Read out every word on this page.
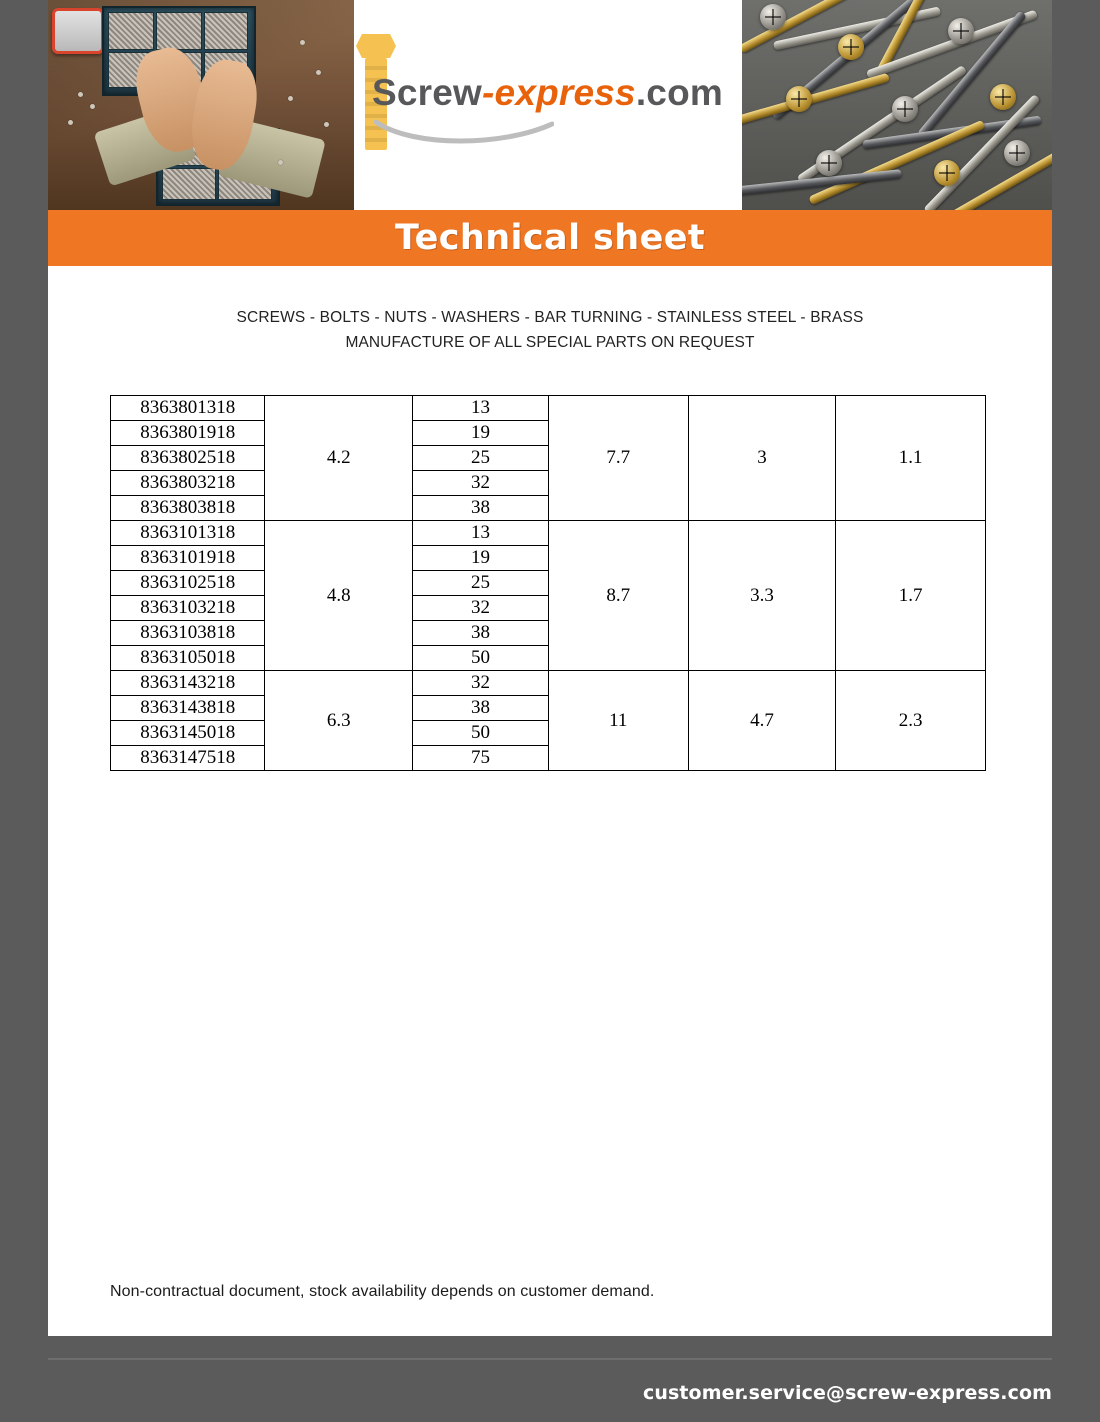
Screw-express.com
Technical sheet
SCREWS - BOLTS - NUTS - WASHERS - BAR TURNING - STAINLESS STEEL - BRASS
MANUFACTURE OF ALL SPECIAL PARTS ON REQUEST
8363801318	4.2	13	7.7	3	1.1
8363801918		19			
8363802518		25			
8363803218		32			
8363803818		38			
8363101318	4.8	13	8.7	3.3	1.7
8363101918		19			
8363102518		25			
8363103218		32			
8363103818		38			
8363105018		50			
8363143218	6.3	32	11	4.7	2.3
8363143818		38			
8363145018		50			
8363147518		75			
Non-contractual document, stock availability depends on customer demand.
customer.service@screw-express.com
